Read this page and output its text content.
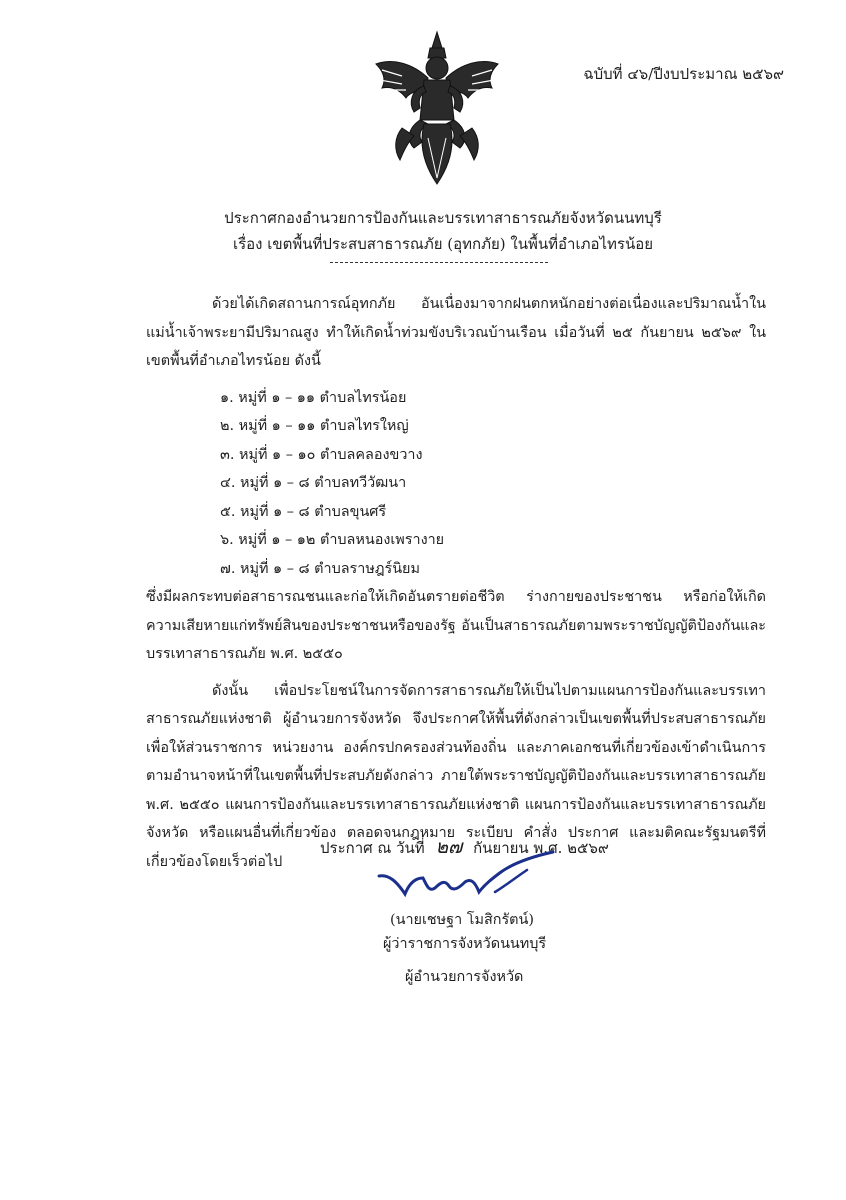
ฉบับที่ ๔๖/ปีงบประมาณ ๒๕๖๙
ประกาศกองอำนวยการป้องกันและบรรเทาสาธารณภัยจังหวัดนนทบุรี
เรื่อง เขตพื้นที่ประสบสาธารณภัย (อุทกภัย) ในพื้นที่อำเภอไทรน้อย

ด้วยได้เกิดสถานการณ์อุทกภัย อันเนื่องมาจากฝนตกหนักอย่างต่อเนื่องและปริมาณน้ำในแม่น้ำเจ้าพระยามีปริมาณสูง ทำให้เกิดน้ำท่วมขังบริเวณบ้านเรือน เมื่อวันที่ ๒๕ กันยายน ๒๕๖๙ ในเขตพื้นที่อำเภอไทรน้อย ดังนี้

๑. หมู่ที่ ๑ – ๑๑ ตำบลไทรน้อย
๒. หมู่ที่ ๑ – ๑๑ ตำบลไทรใหญ่
๓. หมู่ที่ ๑ – ๑๐ ตำบลคลองขวาง
๔. หมู่ที่ ๑ – ๘ ตำบลทวีวัฒนา
๕. หมู่ที่ ๑ – ๘ ตำบลขุนศรี
๖. หมู่ที่ ๑ – ๑๒ ตำบลหนองเพรางาย
๗. หมู่ที่ ๑ – ๘ ตำบลราษฎร์นิยม

ซึ่งมีผลกระทบต่อสาธารณชนและก่อให้เกิดอันตรายต่อชีวิต ร่างกายของประชาชน หรือก่อให้เกิดความเสียหายแก่ทรัพย์สินของประชาชนหรือของรัฐ อันเป็นสาธารณภัยตามพระราชบัญญัติป้องกันและบรรเทาสาธารณภัย พ.ศ. ๒๕๕๐

ดังนั้น เพื่อประโยชน์ในการจัดการสาธารณภัยให้เป็นไปตามแผนการป้องกันและบรรเทาสาธารณภัยแห่งชาติ ผู้อำนวยการจังหวัด จึงประกาศให้พื้นที่ดังกล่าวเป็นเขตพื้นที่ประสบสาธารณภัย เพื่อให้ส่วนราชการ หน่วยงาน องค์กรปกครองส่วนท้องถิ่น และภาคเอกชนที่เกี่ยวข้องเข้าดำเนินการตามอำนาจหน้าที่ในเขตพื้นที่ประสบภัยดังกล่าว ภายใต้พระราชบัญญัติป้องกันและบรรเทาสาธารณภัย พ.ศ. ๒๕๕๐ แผนการป้องกันและบรรเทาสาธารณภัยแห่งชาติ แผนการป้องกันและบรรเทาสาธารณภัยจังหวัด หรือแผนอื่นที่เกี่ยวข้อง ตลอดจนกฎหมาย ระเบียบ คำสั่ง ประกาศ และมติคณะรัฐมนตรีที่เกี่ยวข้องโดยเร็วต่อไป

ประกาศ ณ วันที่ ๒๗ กันยายน พ.ศ. ๒๕๖๙
(นายเชษฐา โมสิกรัตน์)
ผู้ว่าราชการจังหวัดนนทบุรี
ผู้อำนวยการจังหวัด
